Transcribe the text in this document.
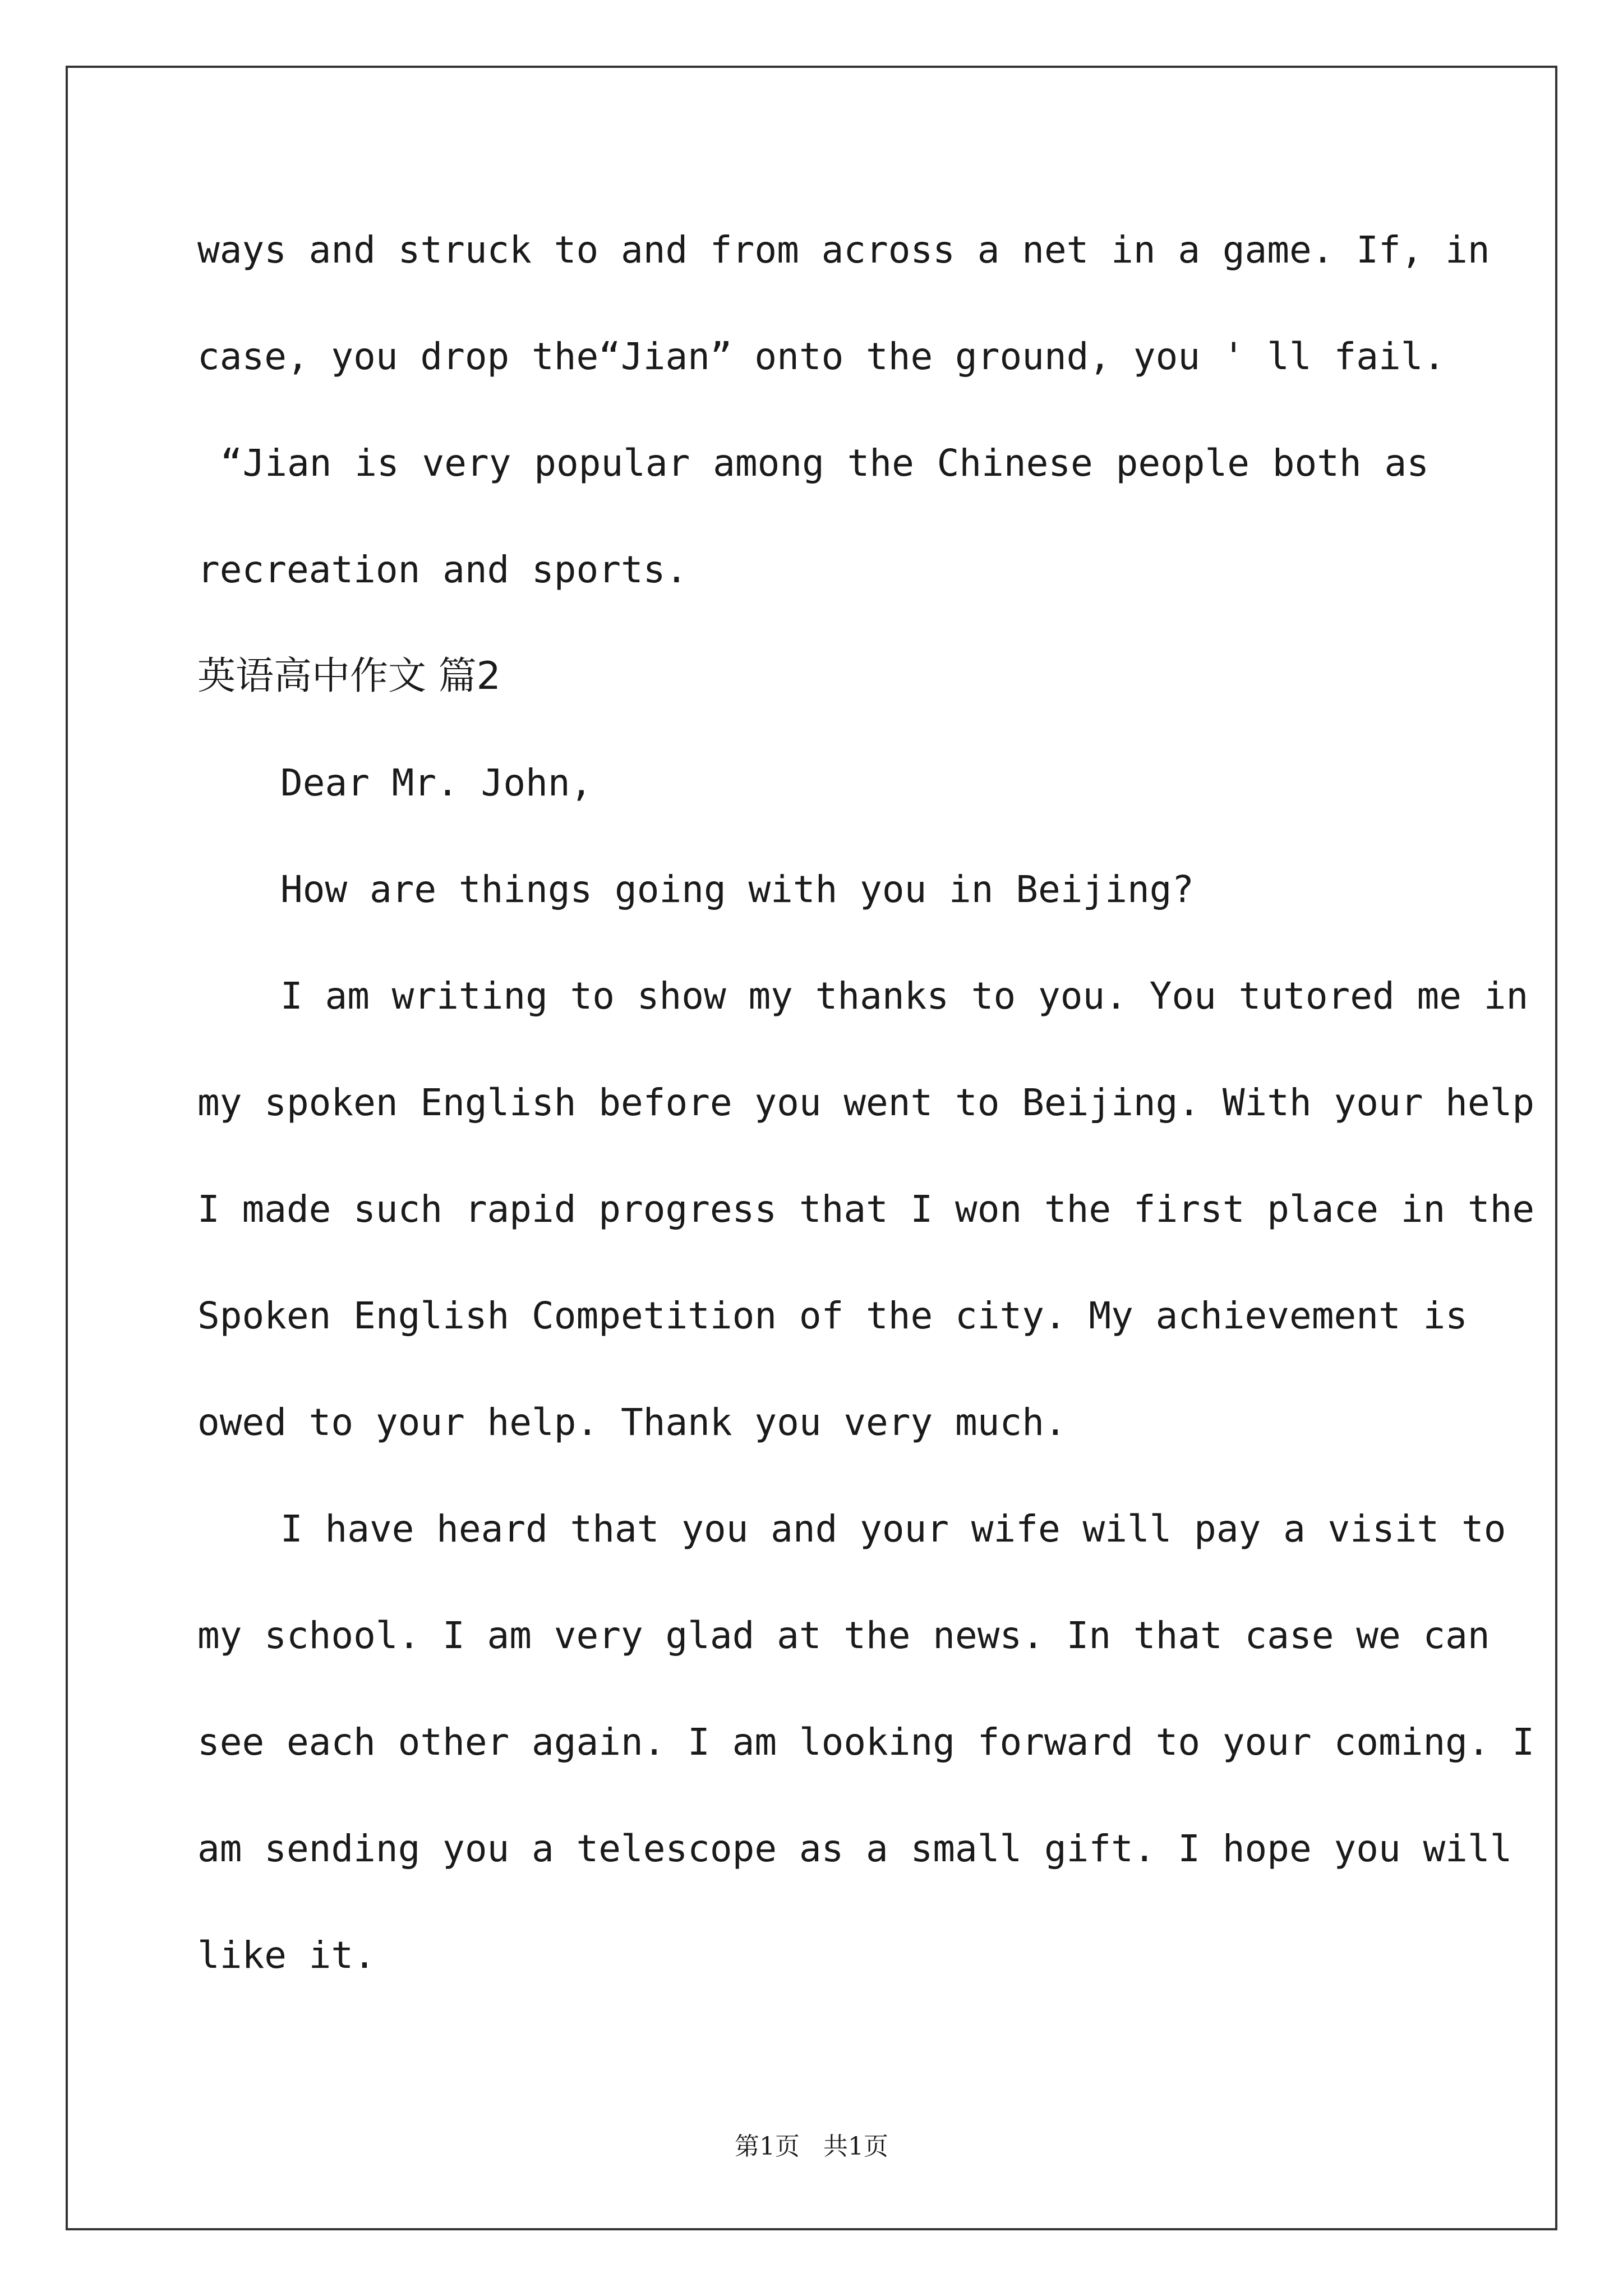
ways and struck to and from across a net in a game. If, in
case, you drop the“Jian” onto the ground, you ' ll fail.
“Jian is very popular among the Chinese people both as
recreation and sports.
英语高中作文 篇2
Dear Mr. John,
How are things going with you in Beijing?
I am writing to show my thanks to you. You tutored me in
my spoken English before you went to Beijing. With your help
I made such rapid progress that I won the first place in the
Spoken English Competition of the city. My achievement is
owed to your help. Thank you very much.
I have heard that you and your wife will pay a visit to
my school. I am very glad at the news. In that case we can
see each other again. I am looking forward to your coming. I
am sending you a telescope as a small gift. I hope you will
like it.
第1页   共1页
